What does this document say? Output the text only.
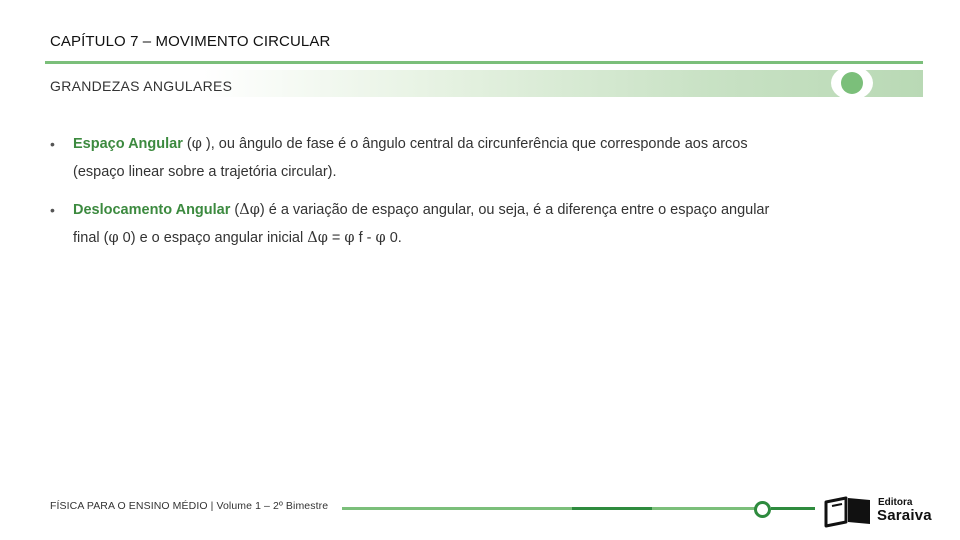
CAPÍTULO 7 – MOVIMENTO CIRCULAR
GRANDEZAS ANGULARES
• Espaço Angular (φ ), ou ângulo de fase é o ângulo central da circunferência que corresponde aos arcos
(espaço linear sobre a trajetória circular).
• Deslocamento Angular (Δφ) é a variação de espaço angular, ou seja, é a diferença entre o espaço angular
final (φ 0) e o espaço angular inicial Δφ = φ f - φ 0.
FÍSICA PARA O ENSINO MÉDIO | Volume 1 – 2º Bimestre	Editora
Saraiva
